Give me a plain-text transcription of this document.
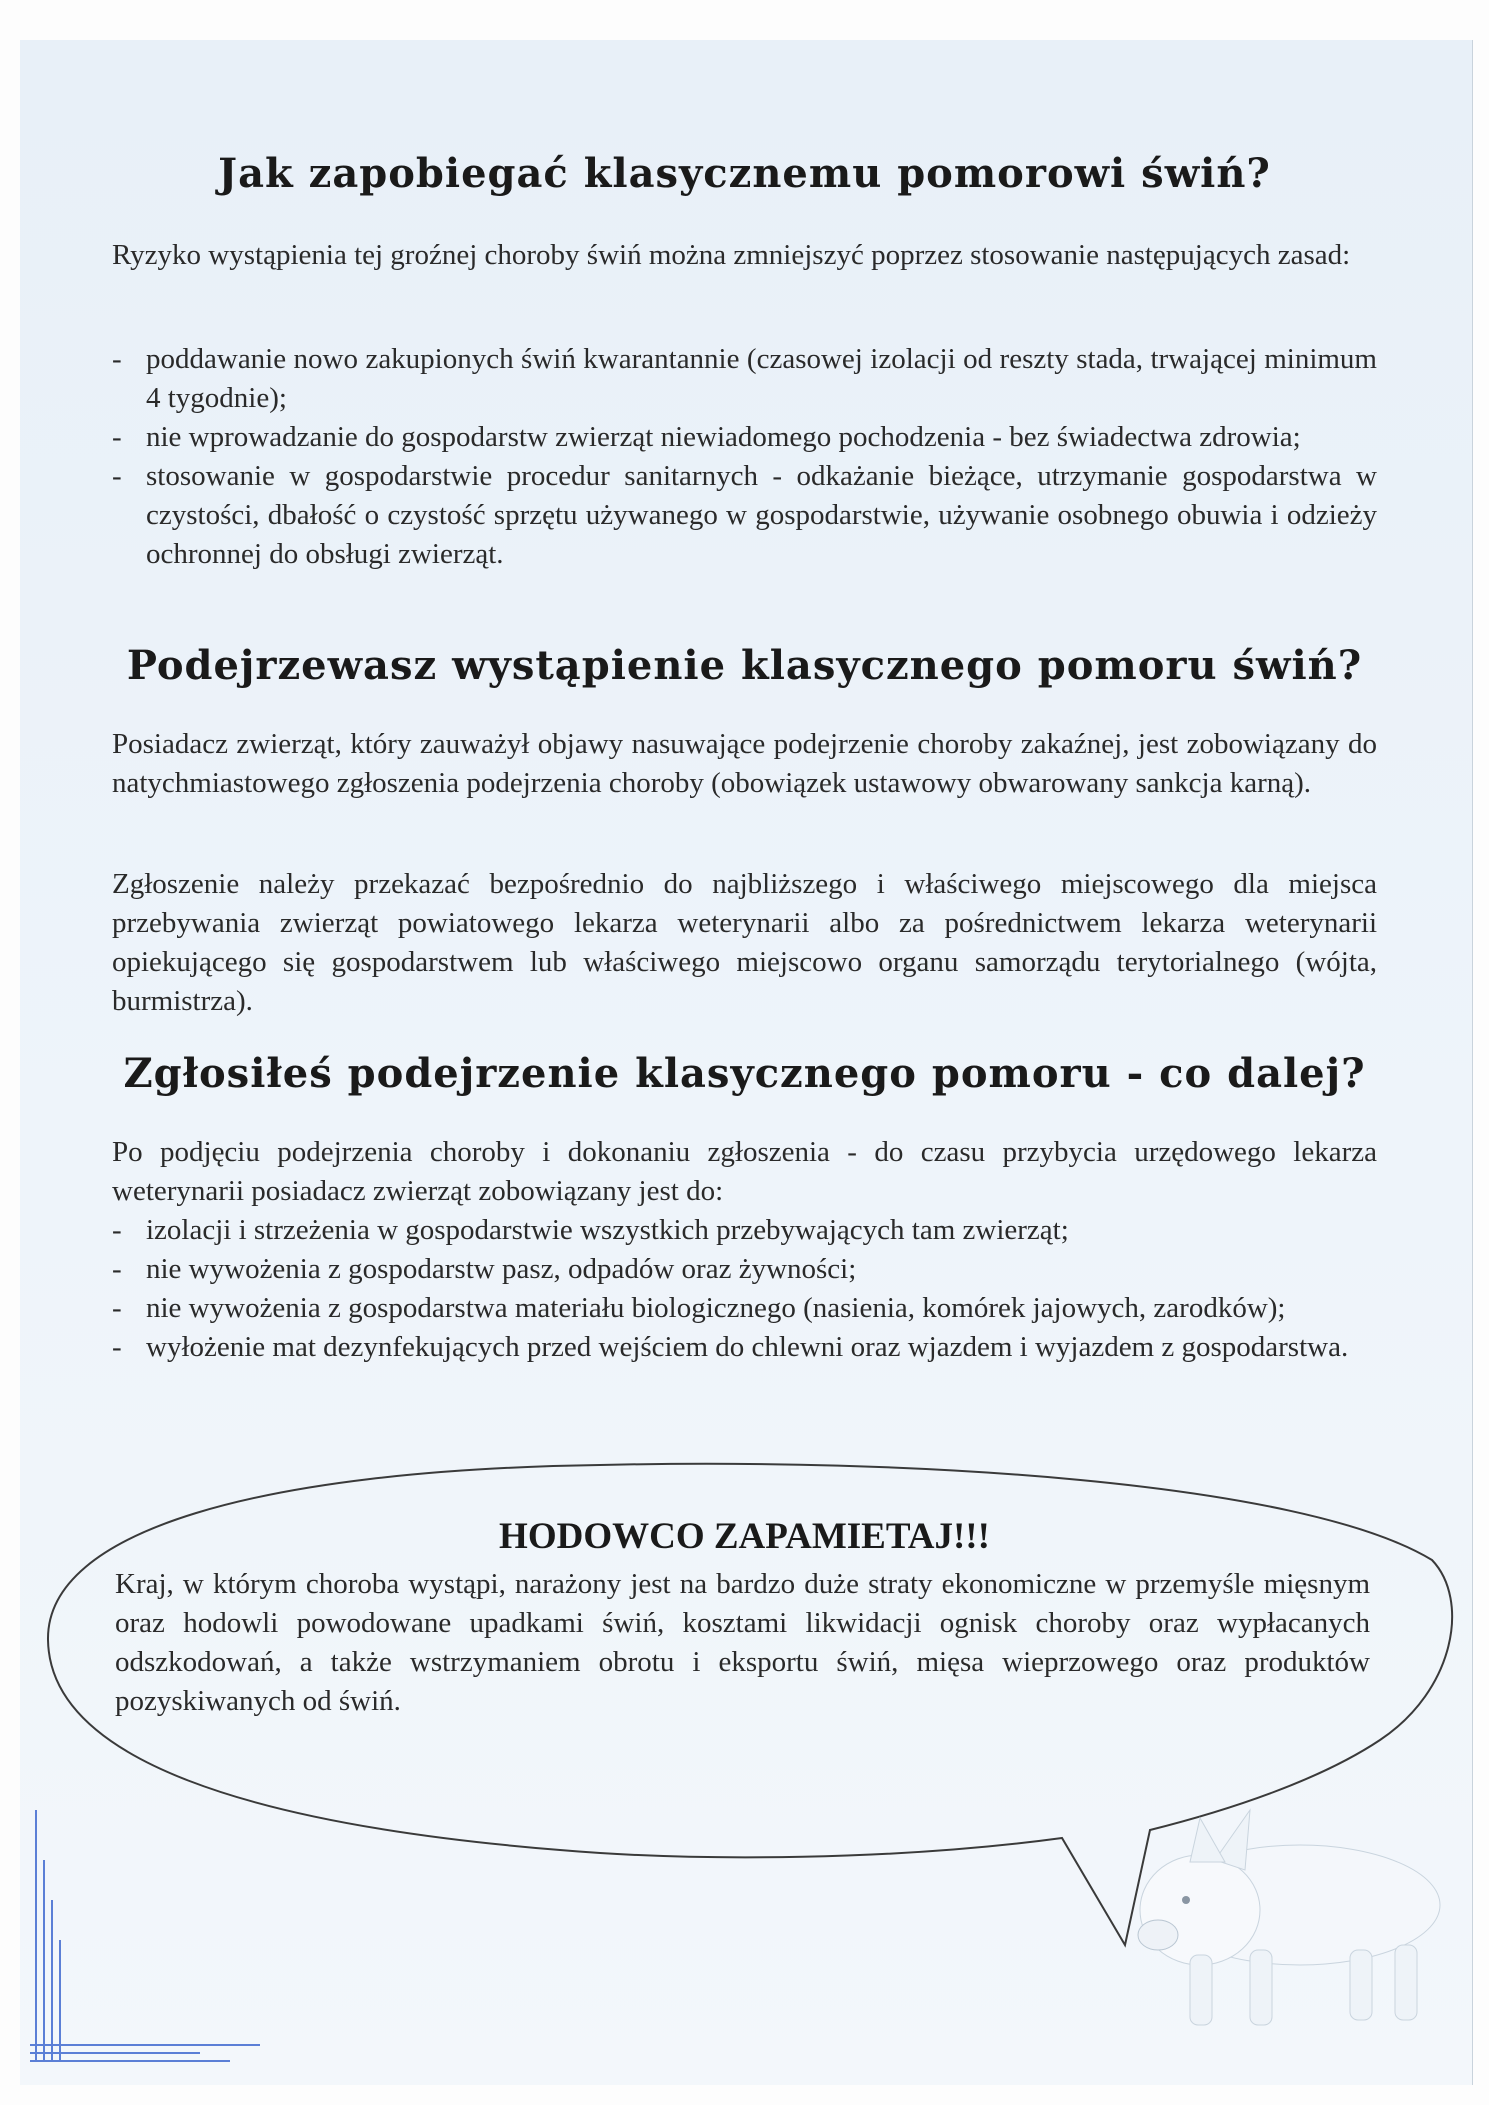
Jak zapobiegać klasycznemu pomorowi świń?

Ryzyko wystąpienia tej groźnej choroby świń można zmniejszyć poprzez stosowanie następujących zasad:

- poddawanie nowo zakupionych świń kwarantannie (czasowej izolacji od reszty stada, trwającej minimum 4 tygodnie);
- nie wprowadzanie do gospodarstw zwierząt niewiadomego pochodzenia - bez świadectwa zdrowia;
- stosowanie w gospodarstwie procedur sanitarnych - odkażanie bieżące, utrzymanie gospodarstwa w czystości, dbałość o czystość sprzętu używanego w gospodarstwie, używanie osobnego obuwia i odzieży ochronnej do obsługi zwierząt.
Podejrzewasz wystąpienie klasycznego pomoru świń?

Posiadacz zwierząt, który zauważył objawy nasuwające podejrzenie choroby zakaźnej, jest zobowiązany do natychmiastowego zgłoszenia podejrzenia choroby (obowiązek ustawowy obwarowany sankcja karną).

Zgłoszenie należy przekazać bezpośrednio do najbliższego i właściwego miejscowego dla miejsca przebywania zwierząt powiatowego lekarza weterynarii albo za pośrednictwem lekarza weterynarii opiekującego się gospodarstwem lub właściwego miejscowo organu samorządu terytorialnego (wójta, burmistrza).

Zgłosiłeś podejrzenie klasycznego pomoru - co dalej?

Po podjęciu podejrzenia choroby i dokonaniu zgłoszenia - do czasu przybycia urzędowego lekarza weterynarii posiadacz zwierząt zobowiązany jest do:

- izolacji i strzeżenia w gospodarstwie wszystkich przebywających tam zwierząt;
- nie wywożenia z gospodarstw pasz, odpadów oraz żywności;
- nie wywożenia z gospodarstwa materiału biologicznego (nasienia, komórek jajowych, zarodków);
- wyłożenie mat dezynfekujących przed wejściem do chlewni oraz wjazdem i wyjazdem z gospodarstwa.
HODOWCO ZAPAMIETAJ!!!

Kraj, w którym choroba wystąpi, narażony jest na bardzo duże straty ekonomiczne w przemyśle mięsnym oraz hodowli powodowane upadkami świń, kosztami likwidacji ognisk choroby oraz wypłacanych odszkodowań, a także wstrzymaniem obrotu i eksportu świń, mięsa wieprzowego oraz produktów pozyskiwanych od świń.
